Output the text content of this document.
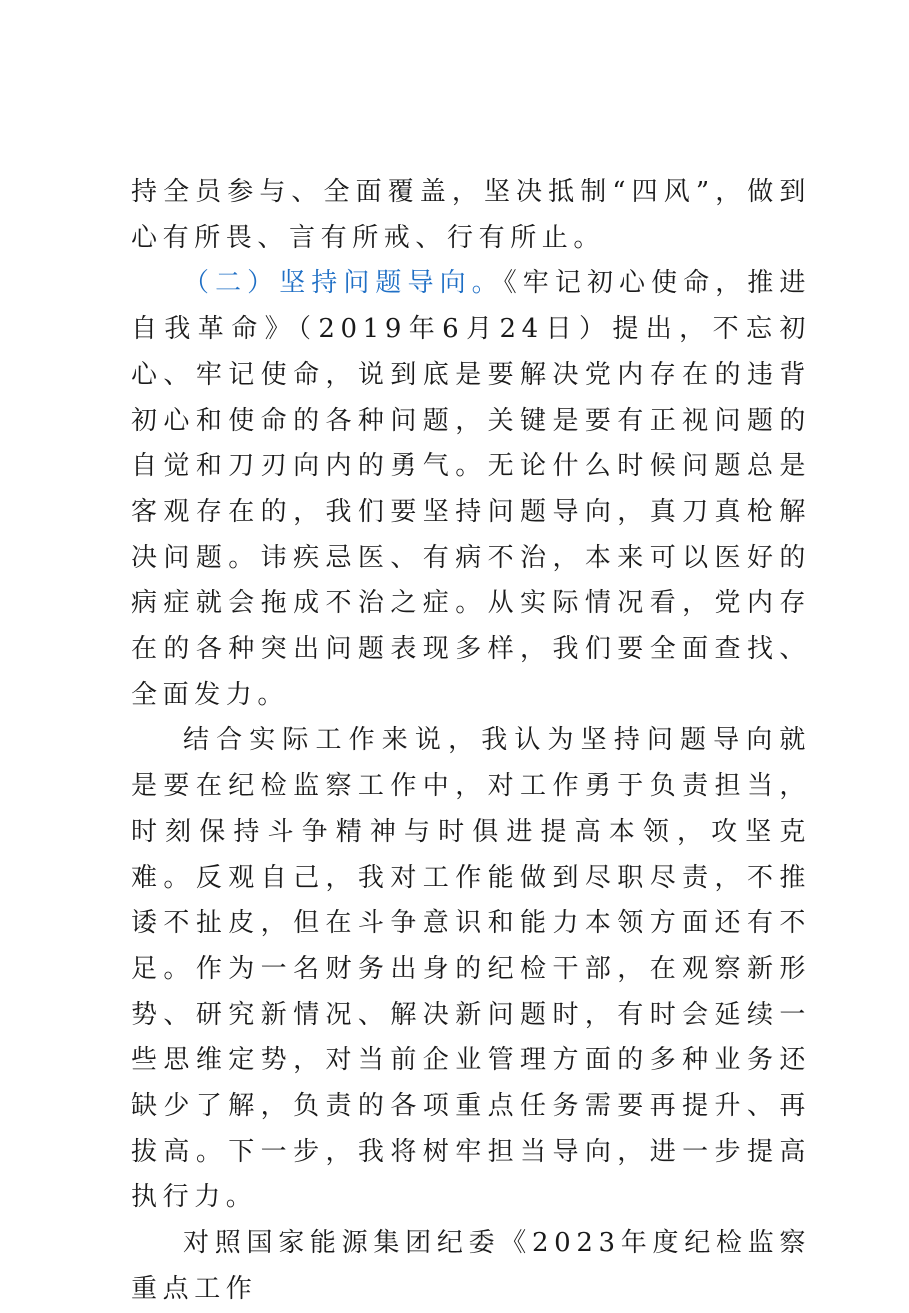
持全员参与、全面覆盖，坚决抵制“四风”，做到心有所畏、言有所戒、行有所止。

（二）坚持问题导向。《牢记初心使命，推进自我革命》（2019年6月24日）提出，不忘初心、牢记使命，说到底是要解决党内存在的违背初心和使命的各种问题，关键是要有正视问题的自觉和刀刃向内的勇气。无论什么时候问题总是客观存在的，我们要坚持问题导向，真刀真枪解决问题。讳疾忌医、有病不治，本来可以医好的病症就会拖成不治之症。从实际情况看，党内存在的各种突出问题表现多样，我们要全面查找、全面发力。

结合实际工作来说，我认为坚持问题导向就是要在纪检监察工作中，对工作勇于负责担当，时刻保持斗争精神与时俱进提高本领，攻坚克难。反观自己，我对工作能做到尽职尽责，不推诿不扯皮，但在斗争意识和能力本领方面还有不足。作为一名财务出身的纪检干部，在观察新形势、研究新情况、解决新问题时，有时会延续一些思维定势，对当前企业管理方面的多种业务还缺少了解，负责的各项重点任务需要再提升、再拔高。下一步，我将树牢担当导向，进一步提高执行力。

对照国家能源集团纪委《2023年度纪检监察重点工作
